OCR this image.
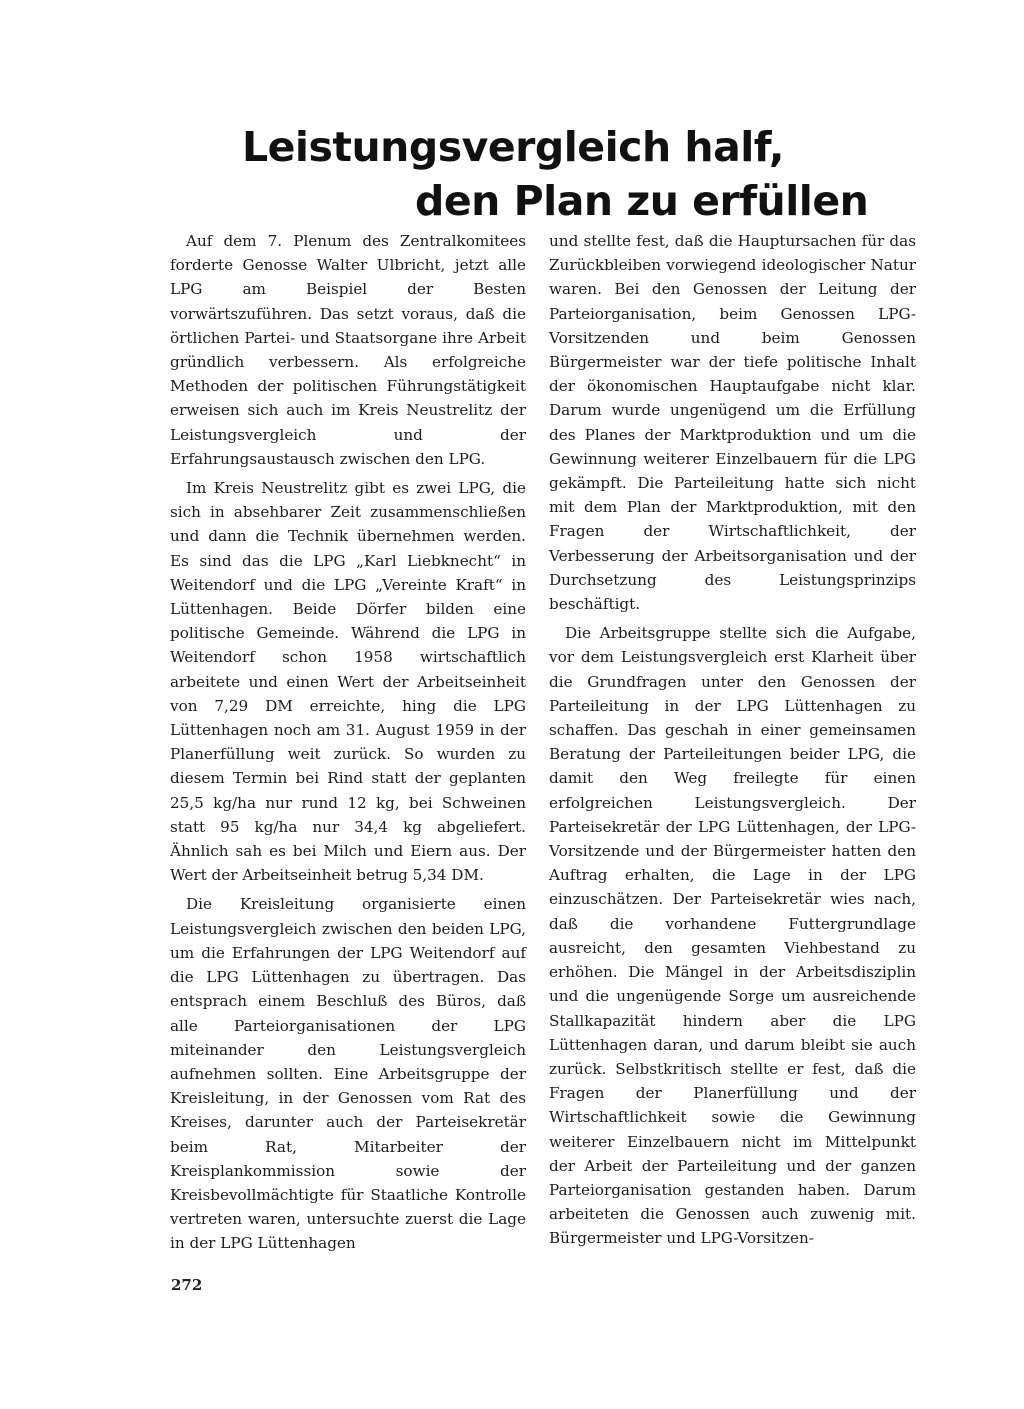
Leistungsvergleich half,
den Plan zu erfüllen

Auf dem 7. Plenum des Zentralkomitees forderte Genosse Walter Ulbricht, jetzt alle LPG am Beispiel der Besten vorwärtszuführen. Das setzt voraus, daß die örtlichen Partei- und Staatsorgane ihre Arbeit gründlich verbessern. Als erfolgreiche Methoden der politischen Führungstätigkeit erweisen sich auch im Kreis Neustrelitz der Leistungsvergleich und der Erfahrungsaustausch zwischen den LPG.

Im Kreis Neustrelitz gibt es zwei LPG, die sich in absehbarer Zeit zusammenschließen und dann die Technik übernehmen werden. Es sind das die LPG „Karl Liebknecht“ in Weitendorf und die LPG „Vereinte Kraft“ in Lüttenhagen. Beide Dörfer bilden eine politische Gemeinde. Während die LPG in Weitendorf schon 1958 wirtschaftlich arbeitete und einen Wert der Arbeitseinheit von 7,29 DM erreichte, hing die LPG Lüttenhagen noch am 31. August 1959 in der Planerfüllung weit zurück. So wurden zu diesem Termin bei Rind statt der geplanten 25,5 kg/ha nur rund 12 kg, bei Schweinen statt 95 kg/ha nur 34,4 kg abgeliefert. Ähnlich sah es bei Milch und Eiern aus. Der Wert der Arbeitseinheit betrug 5,34 DM.

Die Kreisleitung organisierte einen Leistungsvergleich zwischen den beiden LPG, um die Erfahrungen der LPG Weitendorf auf die LPG Lüttenhagen zu übertragen. Das entsprach einem Beschluß des Büros, daß alle Parteiorganisationen der LPG miteinander den Leistungsvergleich aufnehmen sollten. Eine Arbeitsgruppe der Kreisleitung, in der Genossen vom Rat des Kreises, darunter auch der Parteisekretär beim Rat, Mitarbeiter der Kreisplankommission sowie der Kreisbevollmächtigte für Staatliche Kontrolle vertreten waren, untersuchte zuerst die Lage in der LPG Lüttenhagen

und stellte fest, daß die Hauptursachen für das Zurückbleiben vorwiegend ideologischer Natur waren. Bei den Genossen der Leitung der Parteiorganisation, beim Genossen LPG-Vorsitzenden und beim Genossen Bürgermeister war der tiefe politische Inhalt der ökonomischen Hauptaufgabe nicht klar. Darum wurde ungenügend um die Erfüllung des Planes der Marktproduktion und um die Gewinnung weiterer Einzelbauern für die LPG gekämpft. Die Parteileitung hatte sich nicht mit dem Plan der Marktproduktion, mit den Fragen der Wirtschaftlichkeit, der Verbesserung der Arbeitsorganisation und der Durchsetzung des Leistungsprinzips beschäftigt.

Die Arbeitsgruppe stellte sich die Aufgabe, vor dem Leistungsvergleich erst Klarheit über die Grundfragen unter den Genossen der Parteileitung in der LPG Lüttenhagen zu schaffen. Das geschah in einer gemeinsamen Beratung der Parteileitungen beider LPG, die damit den Weg freilegte für einen erfolgreichen Leistungsvergleich. Der Parteisekretär der LPG Lüttenhagen, der LPG-Vorsitzende und der Bürgermeister hatten den Auftrag erhalten, die Lage in der LPG einzuschätzen. Der Parteisekretär wies nach, daß die vorhandene Futtergrundlage ausreicht, den gesamten Viehbestand zu erhöhen. Die Mängel in der Arbeitsdisziplin und die ungenügende Sorge um ausreichende Stallkapazität hindern aber die LPG Lüttenhagen daran, und darum bleibt sie auch zurück. Selbstkritisch stellte er fest, daß die Fragen der Planerfüllung und der Wirtschaftlichkeit sowie die Gewinnung weiterer Einzelbauern nicht im Mittelpunkt der Arbeit der Parteileitung und der ganzen Parteiorganisation gestanden haben. Darum arbeiteten die Genossen auch zuwenig mit. Bürgermeister und LPG-Vorsitzen-

272
